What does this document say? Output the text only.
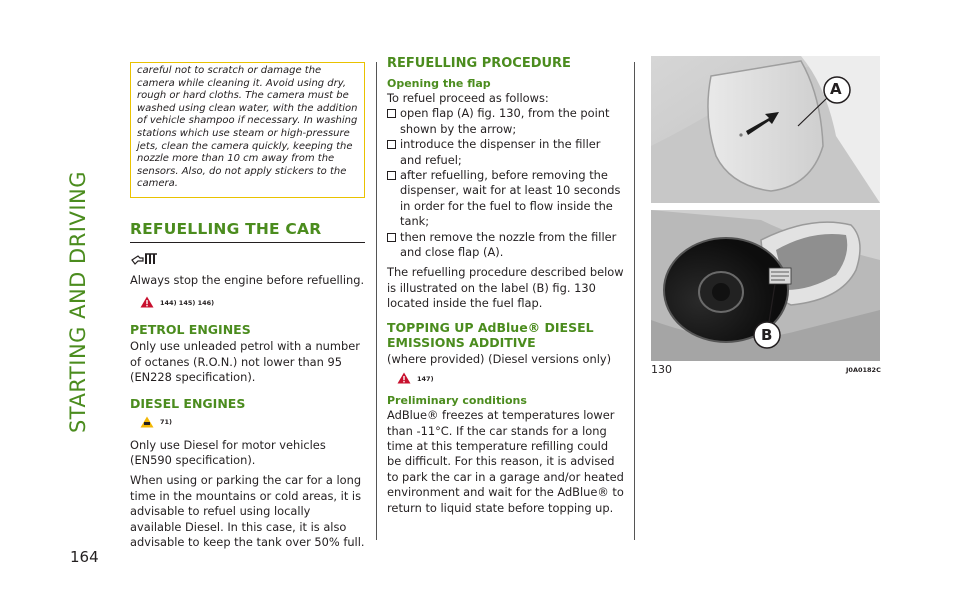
STARTING AND DRIVING
164
careful not to scratch or damage the camera while cleaning it. Avoid using dry, rough or hard cloths. The camera must be washed using clean water, with the addition of vehicle shampoo if necessary. In washing stations which use steam or high-pressure jets, clean the camera quickly, keeping the nozzle more than 10 cm away from the sensors. Also, do not apply stickers to the camera.
REFUELLING THE CAR

Always stop the engine before refuelling.

144) 145) 146)
PETROL ENGINES

Only use unleaded petrol with a number of octanes (R.O.N.) not lower than 95 (EN228 specification).

DIESEL ENGINES
71)

Only use Diesel for motor vehicles (EN590 specification).

When using or parking the car for a long time in the mountains or cold areas, it is advisable to refuel using locally available Diesel. In this case, it is also advisable to keep the tank over 50% full.

REFUELLING PROCEDURE
Opening the flap

To refuel proceed as follows:

open flap (A) fig. 130, from the point shown by the arrow;
introduce the dispenser in the filler and refuel;
after refuelling, before removing the dispenser, wait for at least 10 seconds in order for the fuel to flow inside the tank;
then remove the nozzle from the filler and close flap (A).

The refuelling procedure described below is illustrated on the label (B) fig. 130 located inside the fuel flap.

TOPPING UP AdBlue® DIESEL EMISSIONS ADDITIVE

(where provided) (Diesel versions only)

147)
Preliminary conditions

AdBlue® freezes at temperatures lower than -11°C. If the car stands for a long time at this temperature refilling could be difficult. For this reason, it is advised to park the car in a garage and/or heated environment and wait for the AdBlue® to return to liquid state before topping up.

A
B
130	J0A0182C
